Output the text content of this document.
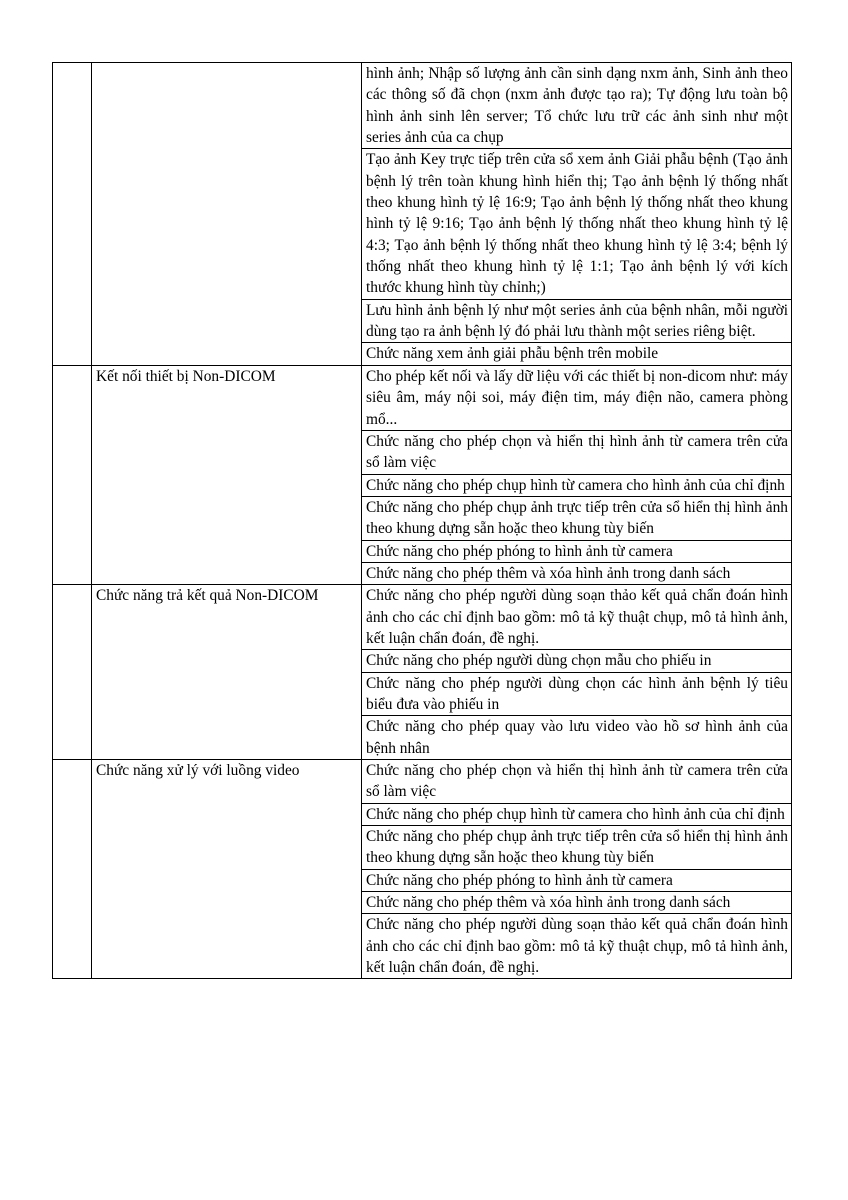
		hình ảnh; Nhập số lượng ảnh cần sinh dạng nxm ảnh, Sinh ảnh theo các thông số đã chọn (nxm ảnh được tạo ra); Tự động lưu toàn bộ hình ảnh sinh lên server; Tổ chức lưu trữ các ảnh sinh như một series ảnh của ca chụp
		Tạo ảnh Key trực tiếp trên cửa sổ xem ảnh Giải phẫu bệnh (Tạo ảnh bệnh lý trên toàn khung hình hiển thị; Tạo ảnh bệnh lý thống nhất theo khung hình tỷ lệ 16:9; Tạo ảnh bệnh lý thống nhất theo khung hình tỷ lệ 9:16; Tạo ảnh bệnh lý thống nhất theo khung hình tỷ lệ 4:3; Tạo ảnh bệnh lý thống nhất theo khung hình tỷ lệ 3:4; bệnh lý thống nhất theo khung hình tỷ lệ 1:1; Tạo ảnh bệnh lý với kích thước khung hình tùy chỉnh;)
		Lưu hình ảnh bệnh lý như một series ảnh của bệnh nhân, mỗi người dùng tạo ra ảnh bệnh lý đó phải lưu thành một series riêng biệt.
		Chức năng xem ảnh giải phẫu bệnh trên mobile
	Kết nối thiết bị Non-DICOM	Cho phép kết nối và lấy dữ liệu với các thiết bị non-dicom như: máy siêu âm, máy nội soi, máy điện tim, máy điện não, camera phòng mổ...
		Chức năng cho phép chọn và hiển thị hình ảnh từ camera trên cửa sổ làm việc
		Chức năng cho phép chụp hình từ camera cho hình ảnh của chỉ định
		Chức năng cho phép chụp ảnh trực tiếp trên cửa sổ hiển thị hình ảnh theo khung dựng sẵn hoặc theo khung tùy biến
		Chức năng cho phép phóng to hình ảnh từ camera
		Chức năng cho phép thêm và xóa hình ảnh trong danh sách
	Chức năng trả kết quả Non-DICOM	Chức năng cho phép người dùng soạn thảo kết quả chẩn đoán hình ảnh cho các chỉ định bao gồm: mô tả kỹ thuật chụp, mô tả hình ảnh, kết luận chẩn đoán, đề nghị.
		Chức năng cho phép người dùng chọn mẫu cho phiếu in
		Chức năng cho phép người dùng chọn các hình ảnh bệnh lý tiêu biểu đưa vào phiếu in
		Chức năng cho phép quay vào lưu video vào hồ sơ hình ảnh của bệnh nhân
	Chức năng xử lý với luồng video	Chức năng cho phép chọn và hiển thị hình ảnh từ camera trên cửa sổ làm việc
		Chức năng cho phép chụp hình từ camera cho hình ảnh của chỉ định
		Chức năng cho phép chụp ảnh trực tiếp trên cửa sổ hiển thị hình ảnh theo khung dựng sẵn hoặc theo khung tùy biến
		Chức năng cho phép phóng to hình ảnh từ camera
		Chức năng cho phép thêm và xóa hình ảnh trong danh sách
		Chức năng cho phép người dùng soạn thảo kết quả chẩn đoán hình ảnh cho các chỉ định bao gồm: mô tả kỹ thuật chụp, mô tả hình ảnh, kết luận chẩn đoán, đề nghị.
